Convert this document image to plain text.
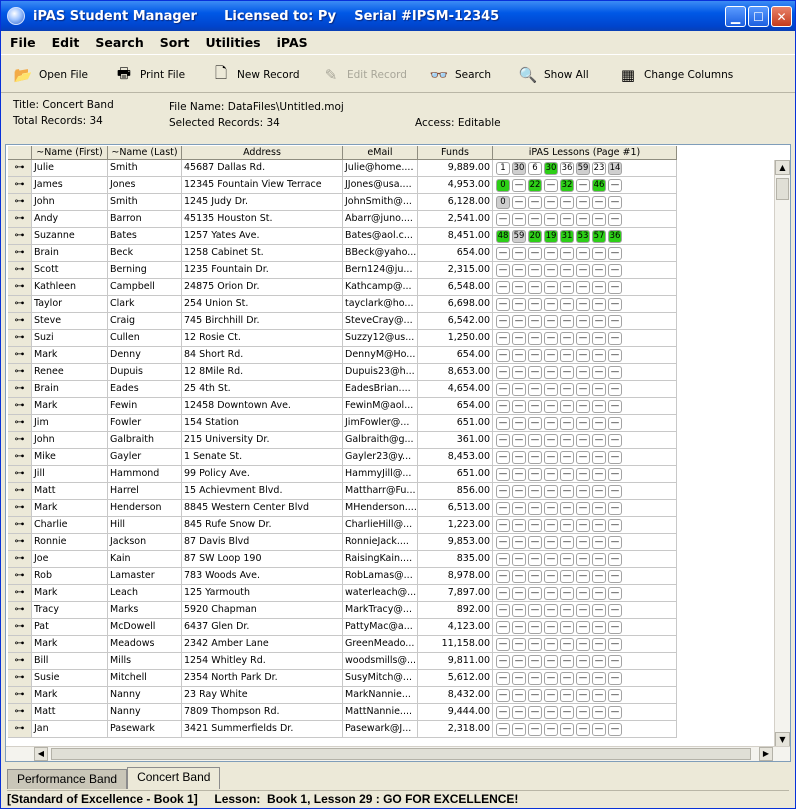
iPAS Student Manager      Licensed to: Py    Serial #IPSM-12345	▁ ☐ ✕
File	Edit	Search	Sort	Utilities	iPAS
📂 Open File 🖶 Print File 🗋 New Record ✎ Edit Record 👓 Search 🔍 Show All ▦ Change Columns
Title: Concert Band
Total Records: 34
File Name: DataFiles\Untitled.moj
Selected Records: 34	Access: Editable
~Name (First) ~Name (Last)	Address	eMail	Funds	iPAS Lessons (Page #1)
⊶	Julie	Smith	45687 Dallas Rd.	Julie@home....	9,889.00	1 30 6 30 36 59 23 14
⊶	James	Jones	12345 Fountain View Terrace	JJones@usa....	4,953.00	0	— 22 — 32 — 46 —
⊶	John	Smith	1245 Judy Dr.	JohnSmith@...	6,128.00	0	— — — — — — —
⊶	Andy	Barron	45135 Houston St.	Abarr@juno....	2,541.00	— — — — — — — —
⊶	Suzanne	Bates	1257 Yates Ave.	Bates@aol.c...	8,451.00 48 59 20 19 31 53 57 36
⊶	Brain	Beck	1258 Cabinet St.	BBeck@yaho...	654.00	— — — — — — — —
⊶	Scott	Berning	1235 Fountain Dr.	Bern124@ju...	2,315.00	— — — — — — — —
⊶	Kathleen	Campbell	24875 Orion Dr.	Kathcamp@...	6,548.00	— — — — — — — —
⊶	Taylor	Clark	254 Union St.	tayclark@ho...	6,698.00	— — — — — — — —
⊶	Steve	Craig	745 Birchhill Dr.	SteveCray@...	6,542.00	— — — — — — — —
⊶	Suzi	Cullen	12 Rosie Ct.	Suzzy12@us...	1,250.00	— — — — — — — —
⊶	Mark	Denny	84 Short Rd.	DennyM@Ho...	654.00	— — — — — — — —
⊶	Renee	Dupuis	12 8Mile Rd.	Dupuis23@h...	8,653.00	— — — — — — — —
⊶	Brain	Eades	25 4th St.	EadesBrian....	4,654.00	— — — — — — — —
⊶	Mark	Fewin	12458 Downtown Ave.	FewinM@aol...	654.00	— — — — — — — —
⊶	Jim	Fowler	154 Station	JimFowler@...	651.00	— — — — — — — —
⊶	John	Galbraith	215 University Dr.	Galbraith@g...	361.00	— — — — — — — —
⊶	Mike	Gayler	1 Senate St.	Gayler23@y...	8,453.00	— — — — — — — —
⊶	Jill	Hammond	99 Policy Ave.	HammyJill@...	651.00	— — — — — — — —
⊶	Matt	Harrel	15 Achievment Blvd.	Mattharr@Fu...	856.00	— — — — — — — —
⊶	Mark	Henderson	8845 Western Center Blvd	MHenderson....	6,513.00	— — — — — — — —
⊶	Charlie	Hill	845 Rufe Snow Dr.	CharlieHill@...	1,223.00	— — — — — — — —
⊶	Ronnie	Jackson	87 Davis Blvd	RonnieJack....	9,853.00	— — — — — — — —
⊶	Joe	Kain	87 SW Loop 190	RaisingKain....	835.00	— — — — — — — —
⊶	Rob	Lamaster	783 Woods Ave.	RobLamas@...	8,978.00	— — — — — — — —
⊶	Mark	Leach	125 Yarmouth	waterleach@...	7,897.00	— — — — — — — —
⊶	Tracy	Marks	5920 Chapman	MarkTracy@...	892.00	— — — — — — — —
⊶	Pat	McDowell	6437 Glen Dr.	PattyMac@a...	4,123.00	— — — — — — — —
⊶	Mark	Meadows	2342 Amber Lane	GreenMeado...	11,158.00	— — — — — — — —
⊶	Bill	Mills	1254 Whitley Rd.	woodsmills@...	9,811.00	— — — — — — — —
⊶	Susie	Mitchell	2354 North Park Dr.	SusyMitch@...	5,612.00	— — — — — — — —
⊶	Mark	Nanny	23 Ray White	MarkNannie...	8,432.00	— — — — — — — —
⊶	Matt	Nanny	7809 Thompson Rd.	MattNannie....	9,444.00	— — — — — — — —
⊶	Jan	Pasewark	3421 Summerfields Dr.	Pasewark@J...	2,318.00	— — — — — — — —
▲
▼
◀	▶
Performance Band	Concert Band
[Standard of Excellence - Book 1]     Lesson:  Book 1, Lesson 29 : GO FOR EXCELLENCE!
